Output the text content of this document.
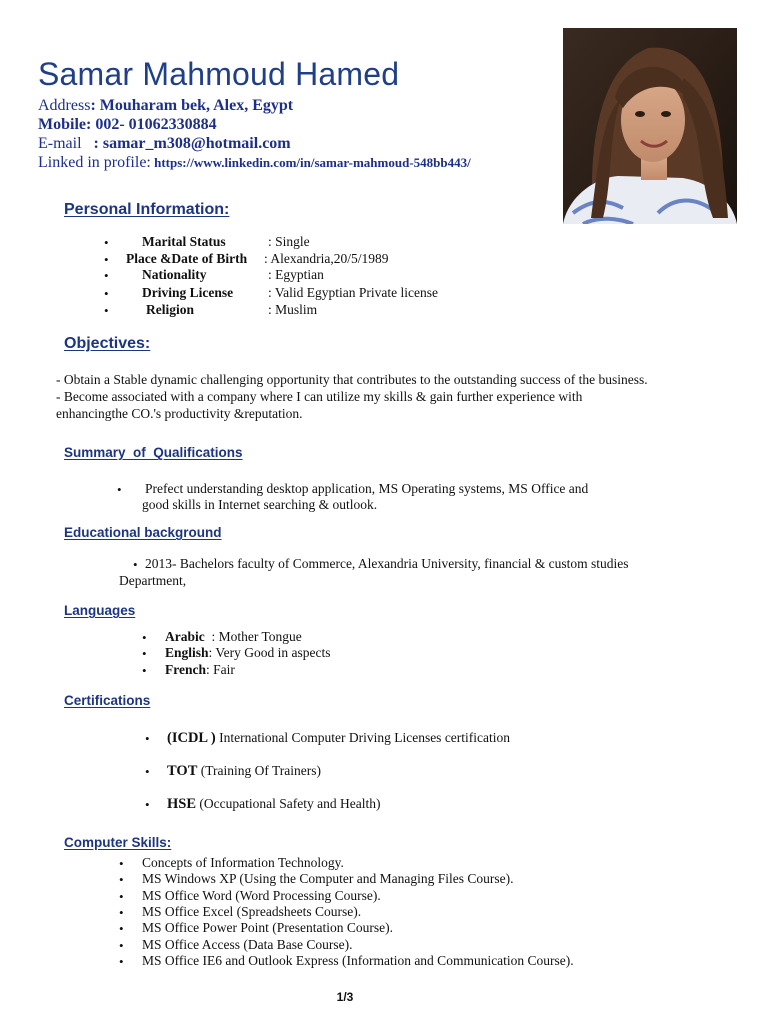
Samar Mahmoud Hamed
Address: Mouharam bek, Alex, Egypt
Mobile: 002- 01062330884
E-mail   : samar_m308@hotmail.com
Linked in profile: https://www.linkedin.com/in/samar-mahmoud-548bb443/
Personal Information:
• Marital Status	: Single
• Place &Date of Birth : Alexandria,20/5/1989
• Nationality	: Egyptian
• Driving License	: Valid Egyptian Private license
•	Religion	: Muslim
Objectives:
- Obtain a Stable dynamic challenging opportunity that contributes to the outstanding success of the business.
- Become associated with a company where I can utilize my skills & gain further experience with
enhancingthe CO.'s productivity &reputation.
Summary  of  Qualifications
• Prefect understanding desktop application, MS Operating systems, MS Office and
good skills in Internet searching & outlook.
Educational background
• 2013- Bachelors faculty of Commerce, Alexandria University, financial & custom studies
Department,
Languages
• Arabic  : Mother Tongue
• English: Very Good in aspects
• French: Fair
Certifications
• (ICDL ) International Computer Driving Licenses certification
• TOT (Training Of Trainers)
• HSE (Occupational Safety and Health)
Computer Skills:
• Concepts of Information Technology.
• MS Windows XP (Using the Computer and Managing Files Course).
• MS Office Word (Word Processing Course).
• MS Office Excel (Spreadsheets Course).
• MS Office Power Point (Presentation Course).
• MS Office Access (Data Base Course).
• MS Office IE6 and Outlook Express (Information and Communication Course).
1/3
